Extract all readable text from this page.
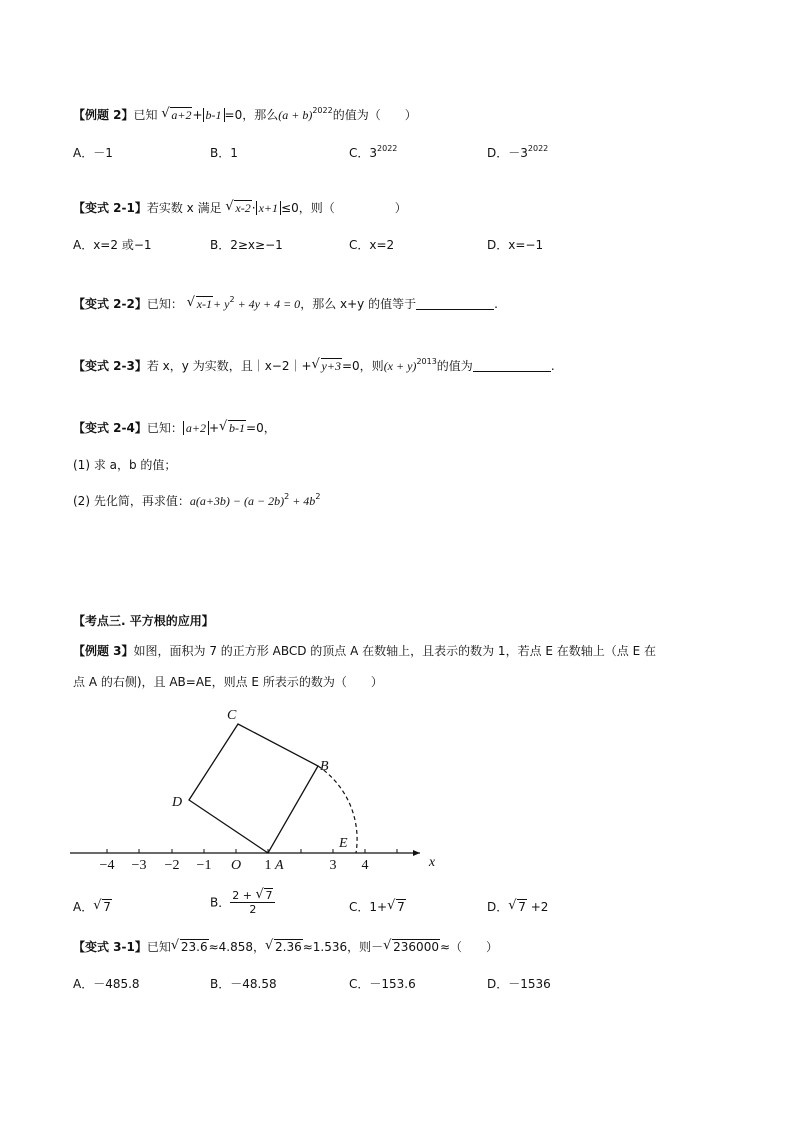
【例题 2】已知 √ a+2+ b-1 =0，那么$(a + b)^{2022}$的值为（　　）
A．－1	B．1	C．$3^{2022}$	D．$-3^{2022}$
【变式 2-1】若实数 x 满足 √ x-2· x+1 ≤0，则（　　　　　）
A．x=2 或−1	B．2≥x≥−1	C．x=2	D．x=−1
【变式 2-2】已知： √ $x-1+ y^2 + 4y + 4 = 0$，那么 x+y 的值等于	.
【变式 2-3】若 x，y 为实数，且｜x−2｜+ √ y+3=0，则$(x + y)^{2013}$的值为	.
【变式 2-4】已知： a+2 + √ b-1=0，
(1) 求 a，b 的值；
(2) 先化简，再求值：$a(a+3b) - (a - 2b)^2 + 4b^2$
【考点三. 平方根的应用】
【例题 3】如图，面积为 7 的正方形 ABCD 的顶点 A 在数轴上，且表示的数为 1，若点 E 在数轴上（点 E 在
点 A 的右侧)，且 AB=AE，则点 E 所表示的数为（　　）
−4 −3 −2 −1 O 1	3 4	x
C
B
D
A
E
A． √ 7	B． $\frac{2 + √ 7}{2}$	C．1+ √ 7	D． √ 7 +2
【变式 3-1】已知 √ 23.6≈4.858， √ 2.36≈1.536，则－ √ 236000≈（　　）
A．－485.8	B．－48.58	C．－153.6	D．－1536
